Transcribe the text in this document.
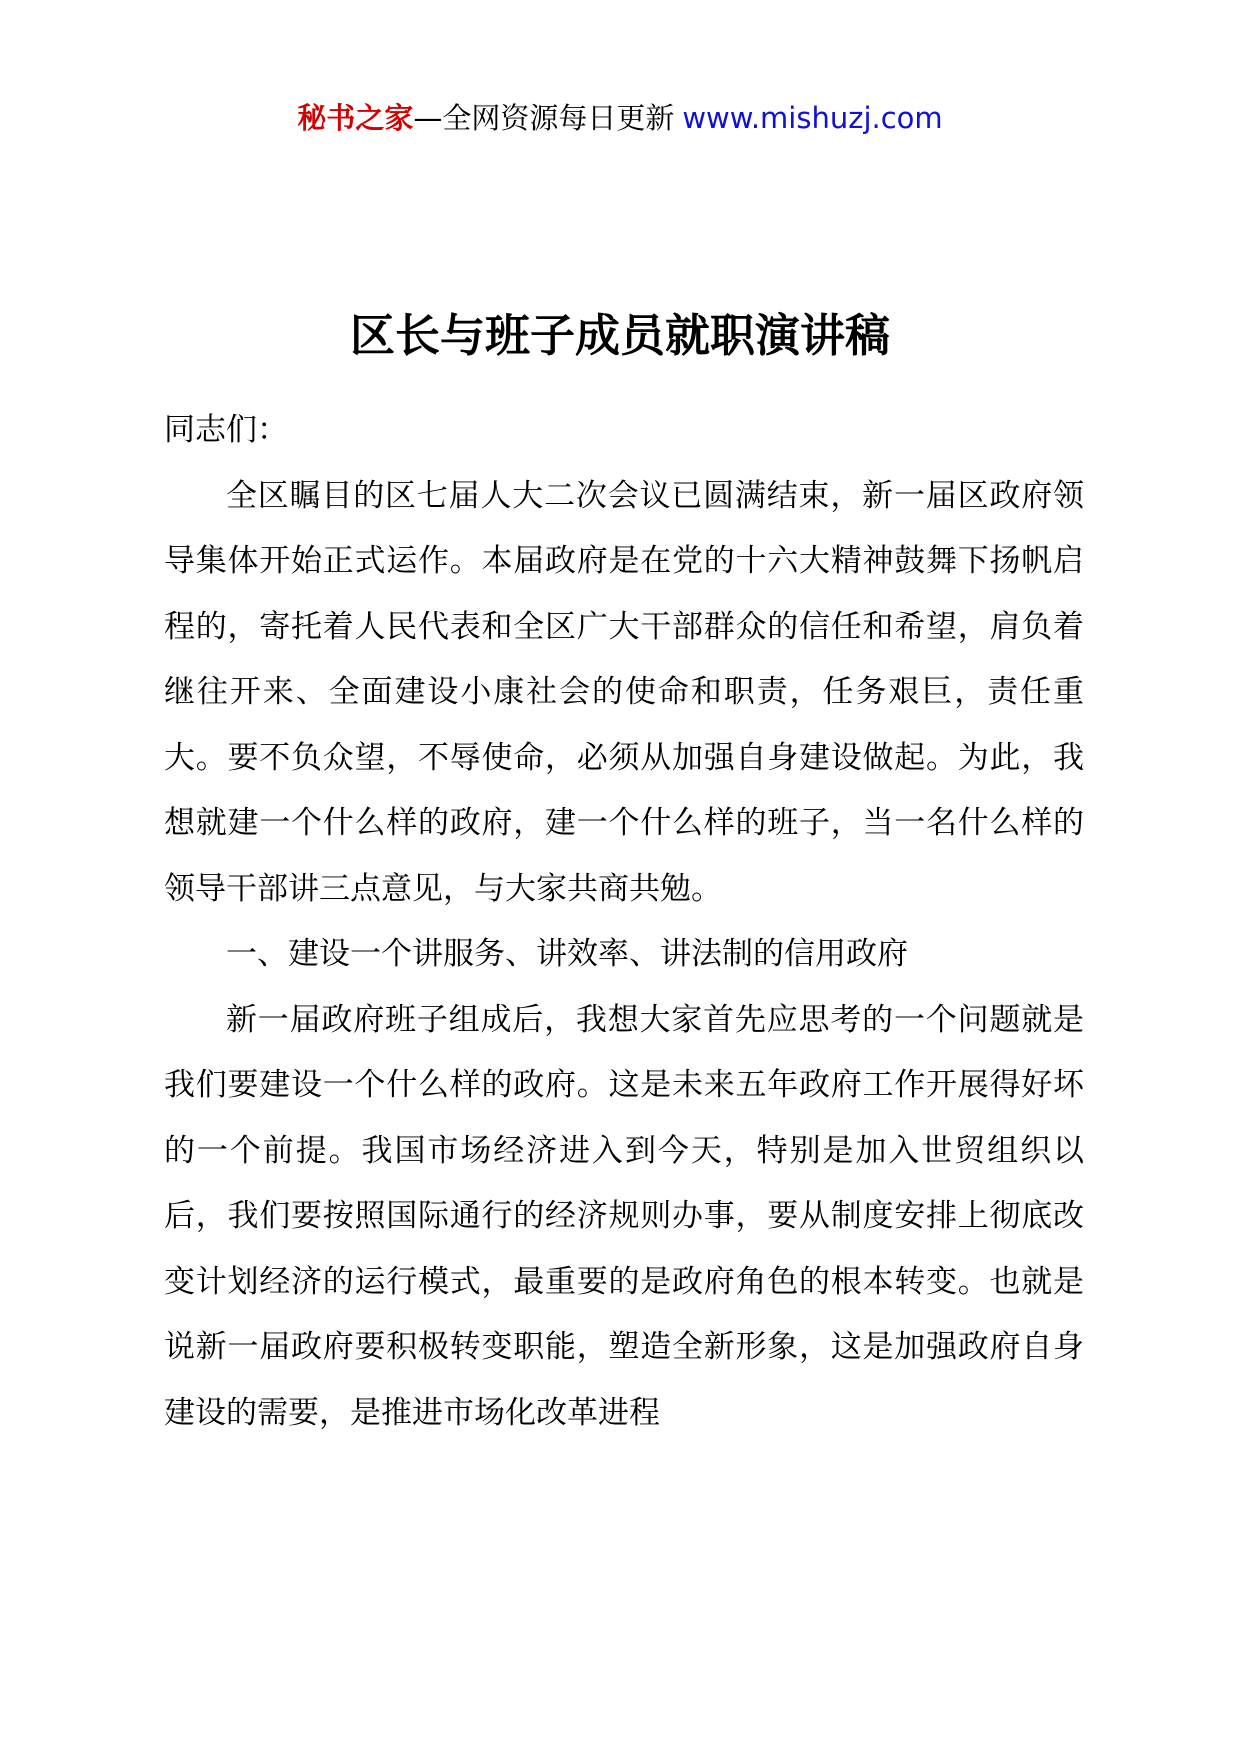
秘书之家—全网资源每日更新 www.mishuzj.com
区长与班子成员就职演讲稿

同志们：

全区瞩目的区七届人大二次会议已圆满结束，新一届区政府领导集体开始正式运作。本届政府是在党的十六大精神鼓舞下扬帆启程的，寄托着人民代表和全区广大干部群众的信任和希望，肩负着继往开来、全面建设小康社会的使命和职责，任务艰巨，责任重大。要不负众望，不辱使命，必须从加强自身建设做起。为此，我想就建一个什么样的政府，建一个什么样的班子，当一名什么样的领导干部讲三点意见，与大家共商共勉。

一、建设一个讲服务、讲效率、讲法制的信用政府

新一届政府班子组成后，我想大家首先应思考的一个问题就是我们要建设一个什么样的政府。这是未来五年政府工作开展得好坏的一个前提。我国市场经济进入到今天，特别是加入世贸组织以后，我们要按照国际通行的经济规则办事，要从制度安排上彻底改变计划经济的运行模式，最重要的是政府角色的根本转变。也就是说新一届政府要积极转变职能，塑造全新形象，这是加强政府自身建设的需要，是推进市场化改革进程
